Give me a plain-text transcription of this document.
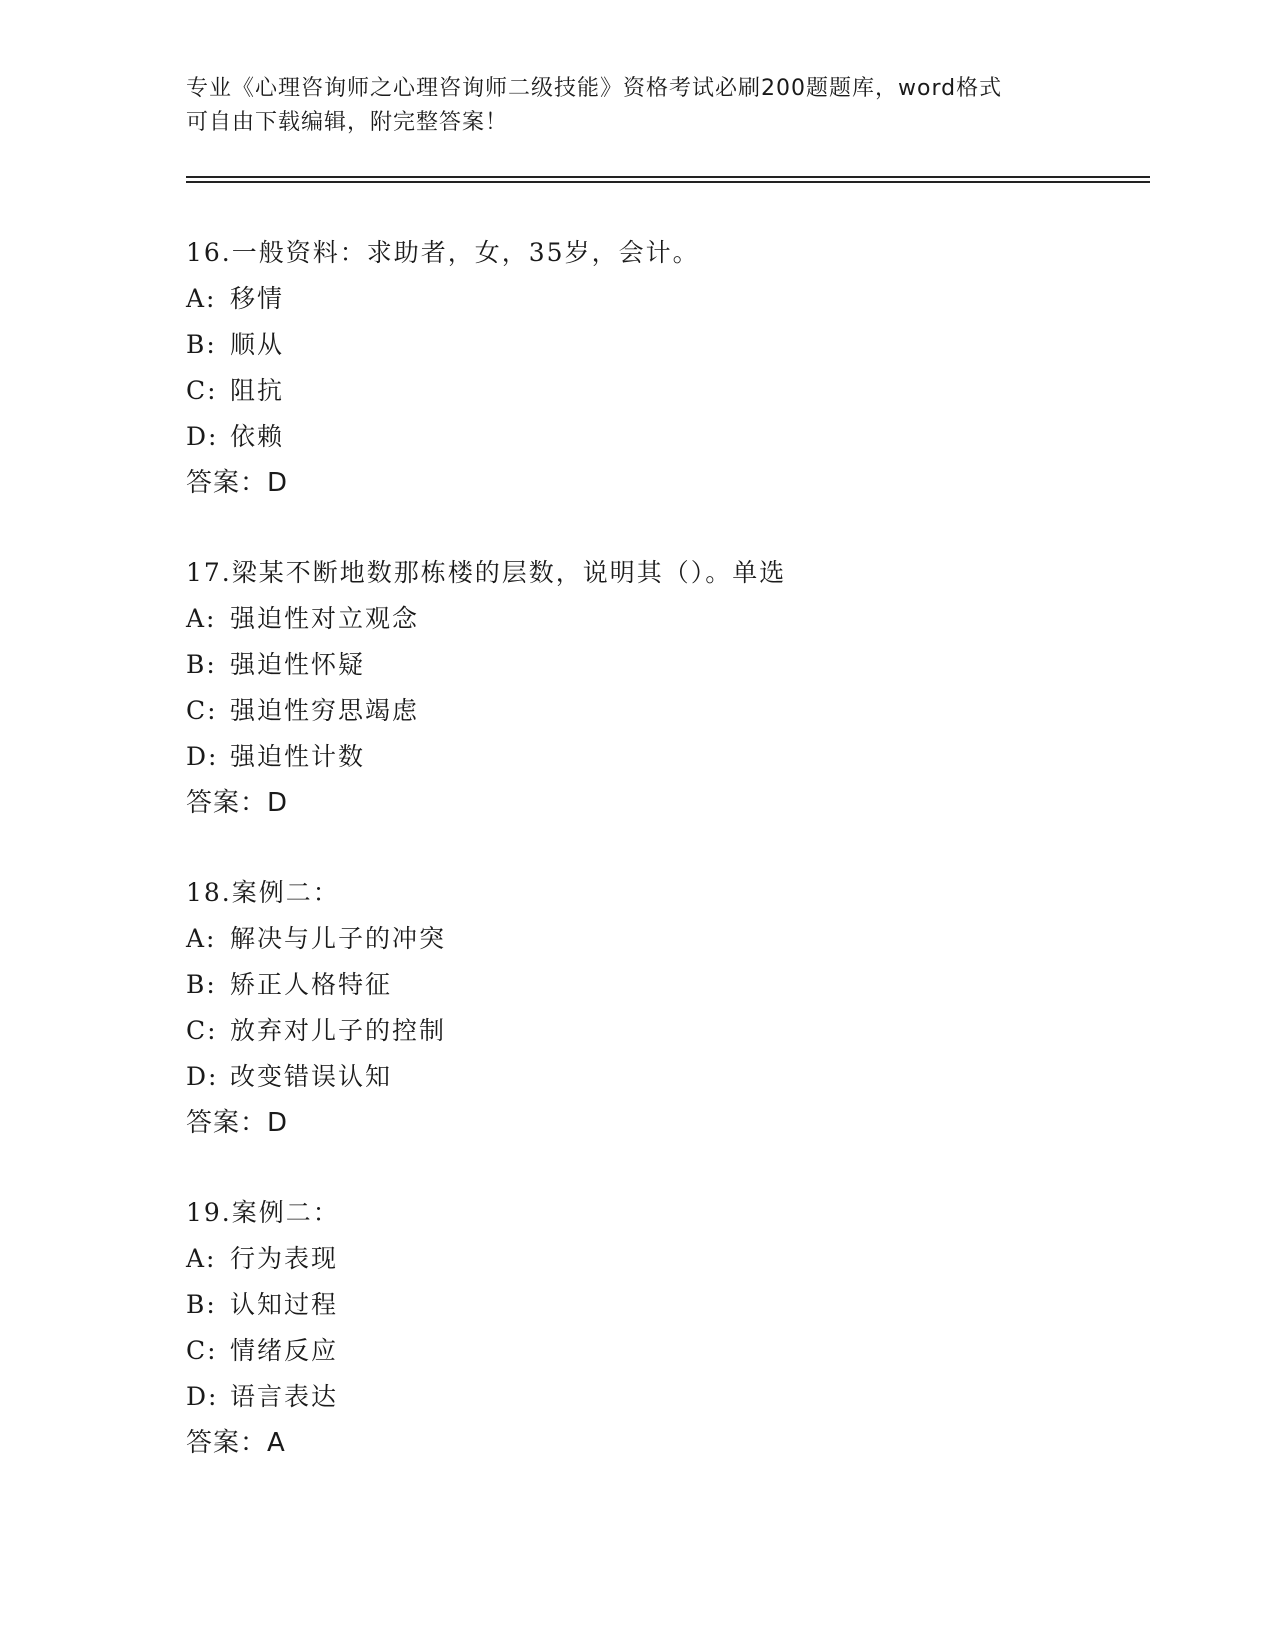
专业《心理咨询师之心理咨询师二级技能》资格考试必刷200题题库，word格式
可自由下载编辑，附完整答案！
16.一般资料：求助者，女，35岁，会计。
A: 移情
B: 顺从
C: 阻抗
D: 依赖
答案：D
17.梁某不断地数那栋楼的层数，说明其（）。单选
A: 强迫性对立观念
B: 强迫性怀疑
C: 强迫性穷思竭虑
D: 强迫性计数
答案：D
18.案例二：
A: 解决与儿子的冲突
B: 矫正人格特征
C: 放弃对儿子的控制
D: 改变错误认知
答案：D
19.案例二：
A: 行为表现
B: 认知过程
C: 情绪反应
D: 语言表达
答案：A
